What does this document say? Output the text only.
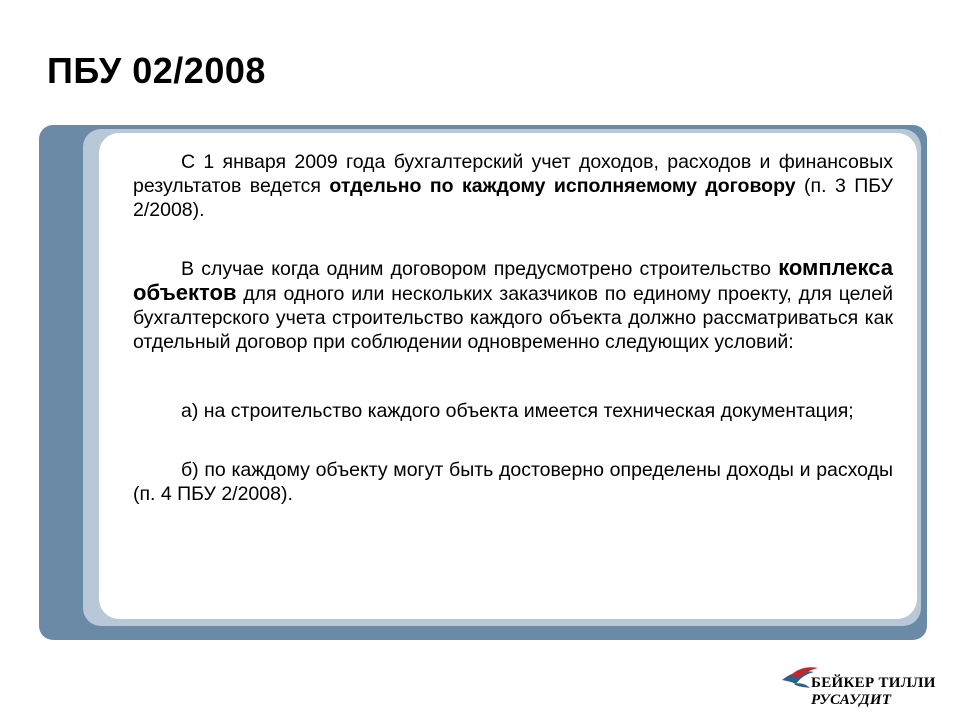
ПБУ 02/2008

С 1 января 2009 года бухгалтерский учет доходов, расходов и финансовых результатов ведется отдельно по каждому исполняемому договору (п. 3 ПБУ 2/2008).

В случае когда одним договором предусмотрено строительство комплекса объектов для одного или нескольких заказчиков по единому проекту, для целей бухгалтерского учета строительство каждого объекта должно рассматриваться как отдельный договор при соблюдении одновременно следующих условий:

а) на строительство каждого объекта имеется техническая документация;

б) по каждому объекту могут быть достоверно определены доходы и расходы (п. 4 ПБУ 2/2008).

БЕЙКЕР ТИЛЛИ
РУСАУДИТ
